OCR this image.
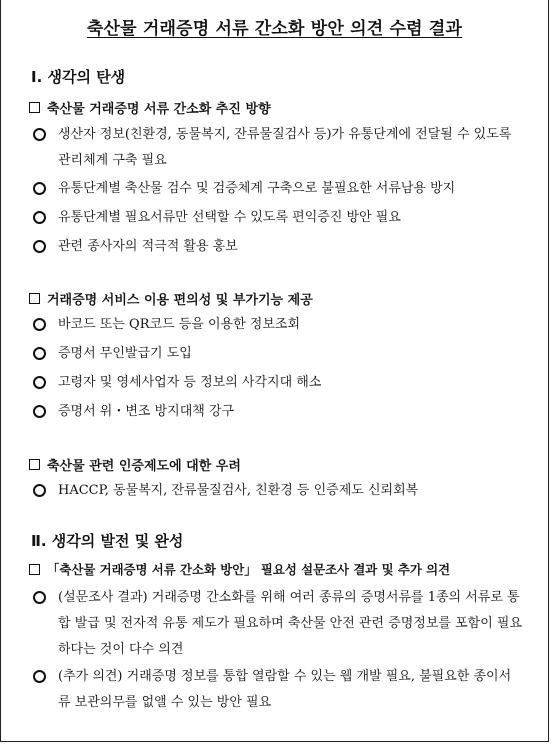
축산물 거래증명 서류 간소화 방안 의견 수렴 결과
Ⅰ. 생각의 탄생
축산물 거래증명 서류 간소화 추진 방향
생산자 정보(친환경, 동물복지, 잔류물질검사 등)가 유통단계에 전달될 수 있도록 관리체계 구축 필요
유통단계별 축산물 검수 및 검증체계 구축으로 불필요한 서류남용 방지
유통단계별 필요서류만 선택할 수 있도록 편익증진 방안 필요
관련 종사자의 적극적 활용 홍보
거래증명 서비스 이용 편의성 및 부가기능 제공
바코드 또는 QR코드 등을 이용한 정보조회
증명서 무인발급기 도입
고령자 및 영세사업자 등 정보의 사각지대 해소
증명서 위・변조 방지대책 강구
축산물 관련 인증제도에 대한 우려
HACCP, 동물복지, 잔류물질검사, 친환경 등 인증제도 신뢰회복
Ⅱ. 생각의 발전 및 완성
「축산물 거래증명 서류 간소화 방안」 필요성 설문조사 결과 및 추가 의견
(설문조사 결과) 거래증명 간소화를 위해 여러 종류의 증명서류를 1종의 서류로 통합 발급 및 전자적 유통 제도가 필요하며 축산물 안전 관련 증명정보를 포함이 필요하다는 것이 다수 의견
(추가 의견) 거래증명 정보를 통합 열람할 수 있는 웹 개발 필요, 불필요한 종이서류 보관의무를 없앨 수 있는 방안 필요
